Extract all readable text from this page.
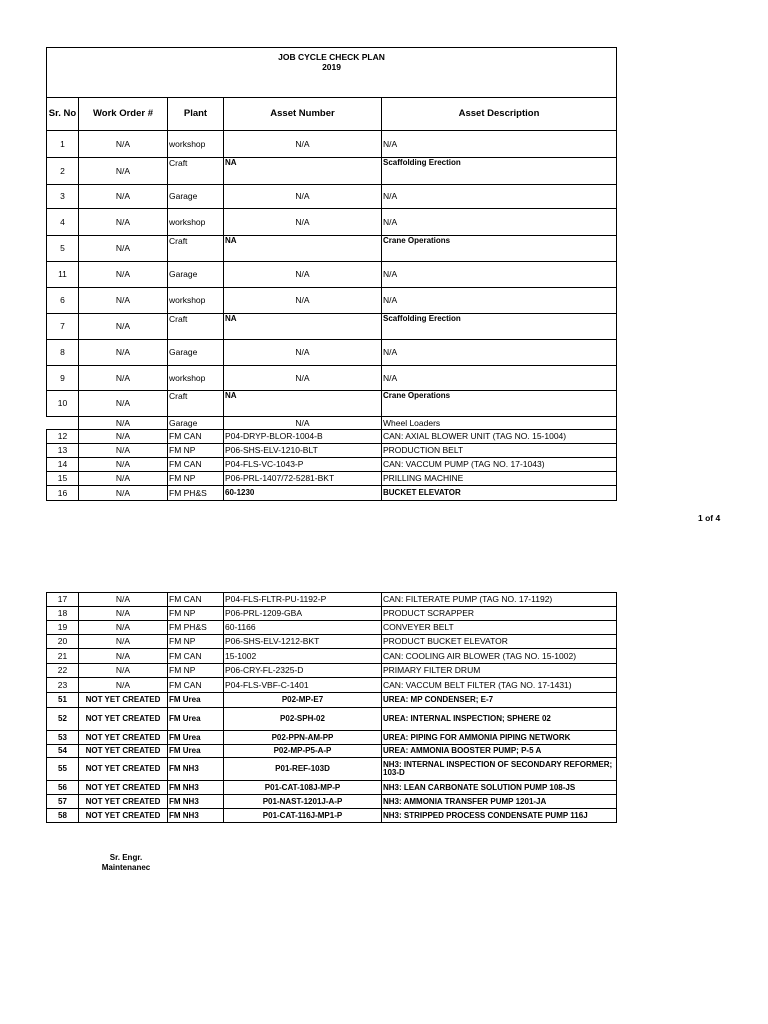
JOB CYCLE CHECK PLAN
2019				

Sr. No	Work Order #	Plant	Asset Number	Asset Description
1	N/A	workshop	N/A	N/A
2	N/A	Craft	NA	Scaffolding Erection
3	N/A	Garage	N/A	N/A
4	N/A	workshop	N/A	N/A
5	N/A	Craft	NA	Crane Operations
11	N/A	Garage	N/A	N/A
6	N/A	workshop	N/A	N/A
7	N/A	Craft	NA	Scaffolding Erection
8	N/A	Garage	N/A	N/A
9	N/A	workshop	N/A	N/A
10	N/A	Craft	NA	Crane Operations
	N/A	Garage	N/A	Wheel Loaders
12	N/A	FM CAN	P04-DRYP-BLOR-1004-B	CAN: AXIAL BLOWER UNIT (TAG NO. 15-1004)
13	N/A	FM NP	P06-SHS-ELV-1210-BLT	PRODUCTION BELT
14	N/A	FM CAN	P04-FLS-VC-1043-P	CAN: VACCUM PUMP (TAG NO. 17-1043)
15	N/A	FM NP	P06-PRL-1407/72-5281-BKT	PRILLING MACHINE
16	N/A	FM PH&S	60-1230	BUCKET ELEVATOR
1 of 4
17	N/A	FM CAN	P04-FLS-FLTR-PU-1192-P	CAN: FILTERATE PUMP (TAG NO. 17-1192)
18	N/A	FM NP	P06-PRL-1209-GBA	PRODUCT SCRAPPER
19	N/A	FM PH&S	60-1166	CONVEYER BELT
20	N/A	FM NP	P06-SHS-ELV-1212-BKT	PRODUCT BUCKET ELEVATOR
21	N/A	FM CAN	15-1002	CAN: COOLING AIR BLOWER (TAG NO. 15-1002)
22	N/A	FM NP	P06-CRY-FL-2325-D	PRIMARY FILTER DRUM
23	N/A	FM CAN	P04-FLS-VBF-C-1401	CAN: VACCUM BELT FILTER (TAG NO. 17-1431)
51	NOT YET CREATED	FM Urea	P02-MP-E7	UREA: MP CONDENSER; E-7
52	NOT YET CREATED	FM Urea	P02-SPH-02	UREA: INTERNAL INSPECTION; SPHERE 02
53	NOT YET CREATED	FM Urea	P02-PPN-AM-PP	UREA: PIPING FOR AMMONIA PIPING NETWORK
54	NOT YET CREATED	FM Urea	P02-MP-P5-A-P	UREA: AMMONIA BOOSTER PUMP; P-5 A
55	NOT YET CREATED	FM NH3	P01-REF-103D	NH3: INTERNAL INSPECTION OF SECONDARY REFORMER; 103-D
56	NOT YET CREATED	FM NH3	P01-CAT-108J-MP-P	NH3: LEAN CARBONATE SOLUTION PUMP 108-JS
57	NOT YET CREATED	FM NH3	P01-NAST-1201J-A-P	NH3: AMMONIA TRANSFER PUMP 1201-JA
58	NOT YET CREATED	FM NH3	P01-CAT-116J-MP1-P	NH3: STRIPPED PROCESS CONDENSATE PUMP 116J
Sr. Engr.
Maintenanec
